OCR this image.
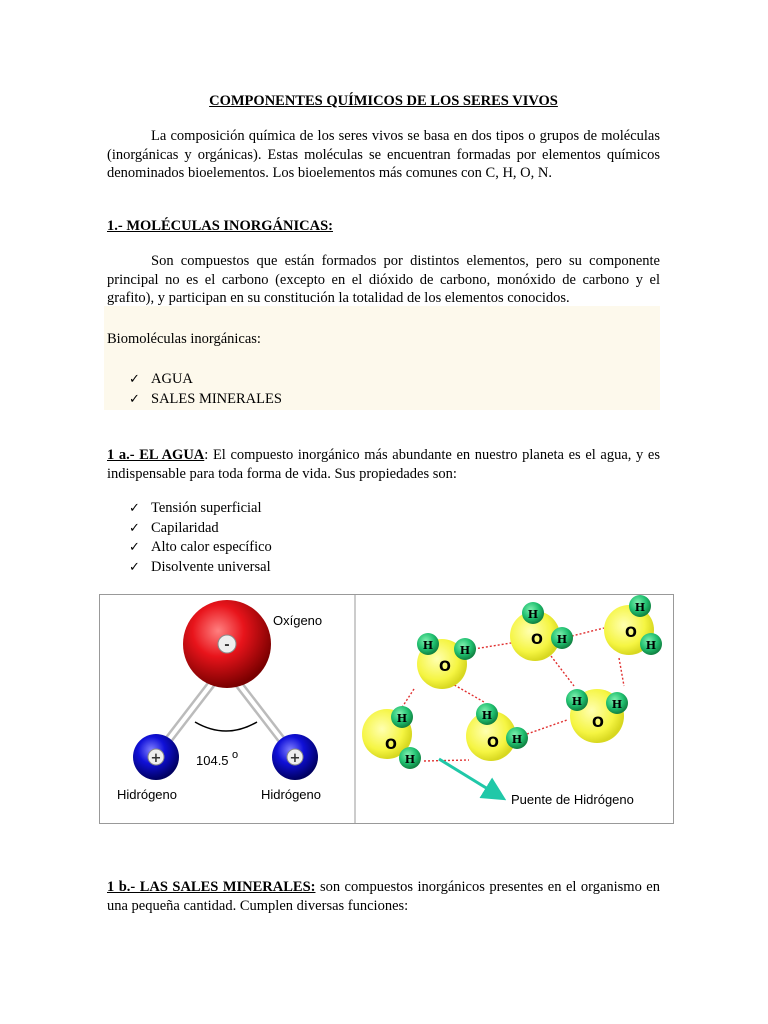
COMPONENTES QUÍMICOS DE LOS SERES VIVOS
La composición química de los seres vivos se basa en dos tipos o grupos de moléculas (inorgánicas y orgánicas). Estas moléculas se encuentran formadas por elementos químicos denominados bioelementos. Los bioelementos más comunes con C, H, O, N.
1.- MOLÉCULAS INORGÁNICAS:
Son compuestos que están formados por distintos elementos, pero su componente principal no es el carbono (excepto en el dióxido de carbono, monóxido de carbono y el grafito), y participan en su constitución la totalidad de los elementos conocidos.
Biomoléculas inorgánicas:
✓ AGUA
✓ SALES MINERALES
1 a.- EL AGUA: El compuesto inorgánico más abundante en nuestro planeta es el agua, y es indispensable para toda forma de vida. Sus propiedades son:
✓ Tensión superficial
✓ Capilaridad
✓ Alto calor específico
✓ Disolvente universal
1 b.- LAS SALES MINERALES: son compuestos inorgánicos presentes en el organismo en una pequeña cantidad. Cumplen diversas funciones:
-
+	+
Oxígeno
Hidrógeno	Hidrógeno
104.5 o
O
H H
O
H
H	O
H
H
O
H
H
O
H
H
O
H	H
Puente de Hidrógeno
